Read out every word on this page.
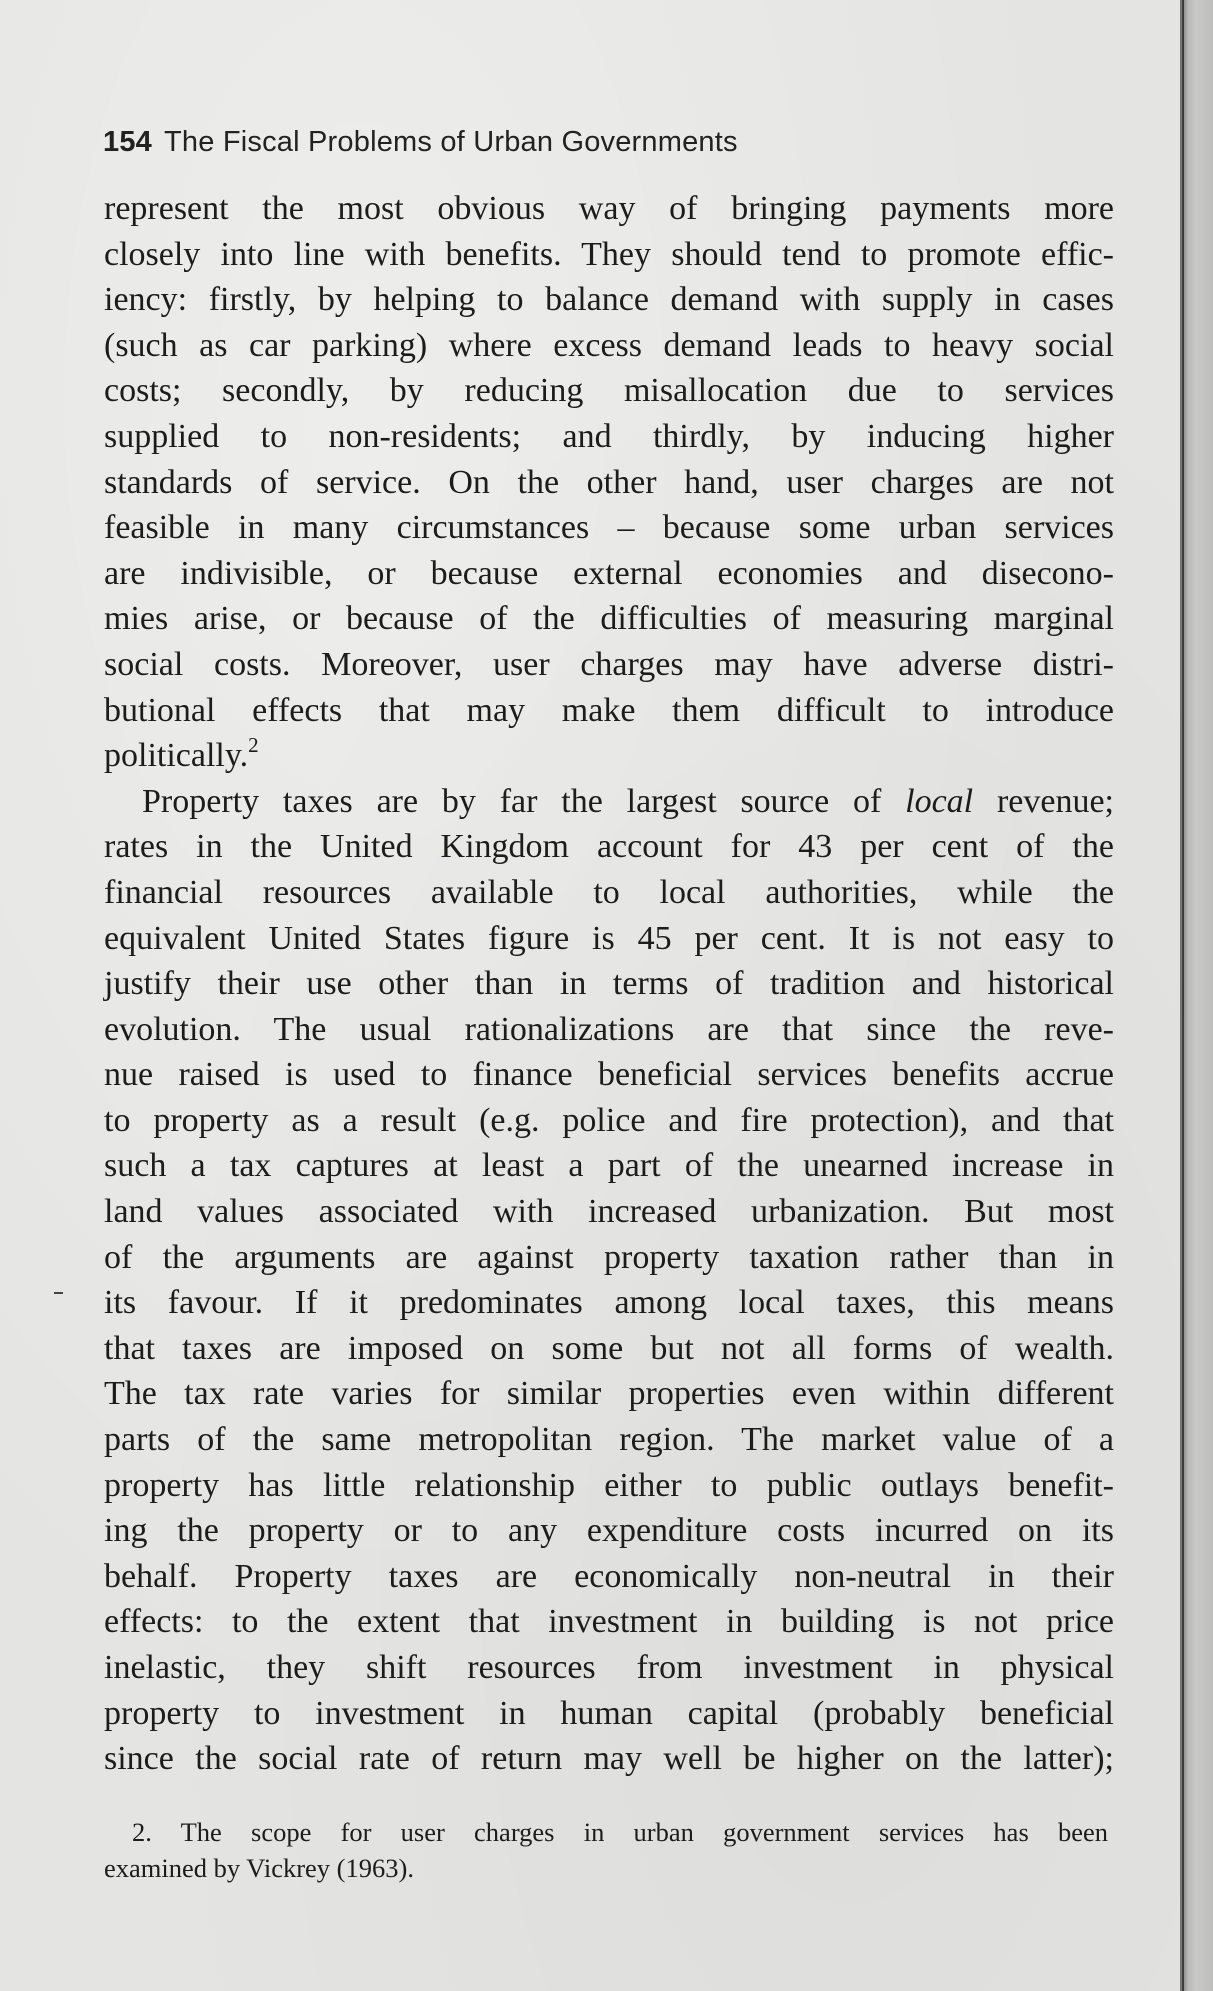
154 The Fiscal Problems of Urban Governments
represent the most obvious way of bringing payments more
closely into line with benefits. They should tend to promote effic-
iency: firstly, by helping to balance demand with supply in cases
(such as car parking) where excess demand leads to heavy social
costs; secondly, by reducing misallocation due to services
supplied to non-residents; and thirdly, by inducing higher
standards of service. On the other hand, user charges are not
feasible in many circumstances – because some urban services
are indivisible, or because external economies and disecono-
mies arise, or because of the difficulties of measuring marginal
social costs. Moreover, user charges may have adverse distri-
butional effects that may make them difficult to introduce
politically.$^2$
Property taxes are by far the largest source of local revenue;
rates in the United Kingdom account for 43 per cent of the
financial resources available to local authorities, while the
equivalent United States figure is 45 per cent. It is not easy to
justify their use other than in terms of tradition and historical
evolution. The usual rationalizations are that since the reve-
nue raised is used to finance beneficial services benefits accrue
to property as a result (e.g. police and fire protection), and that
such a tax captures at least a part of the unearned increase in
land values associated with increased urbanization. But most
of the arguments are against property taxation rather than in
its favour. If it predominates among local taxes, this means
that taxes are imposed on some but not all forms of wealth.
The tax rate varies for similar properties even within different
parts of the same metropolitan region. The market value of a
property has little relationship either to public outlays benefit-
ing the property or to any expenditure costs incurred on its
behalf. Property taxes are economically non-neutral in their
effects: to the extent that investment in building is not price
inelastic, they shift resources from investment in physical
property to investment in human capital (probably beneficial
since the social rate of return may well be higher on the latter);
2. The scope for user charges in urban government services has been
examined by Vickrey (1963).
